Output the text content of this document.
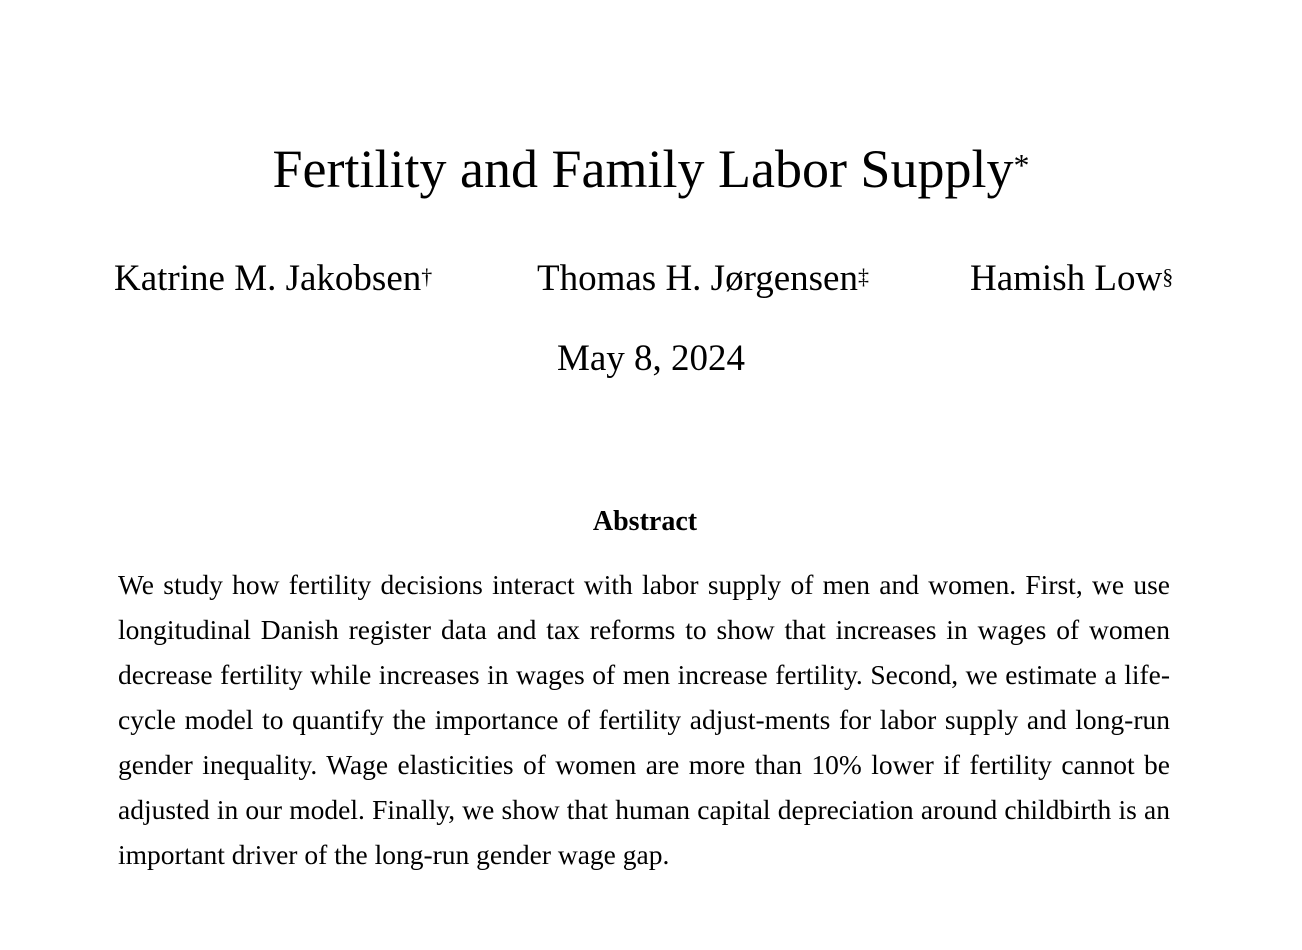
Fertility and Family Labor Supply*
Katrine M. Jakobsen†	Thomas H. Jørgensen‡	Hamish Low§
May 8, 2024
Abstract

We study how fertility decisions interact with labor supply of men and women. First, we use longitudinal Danish register data and tax reforms to show that increases in wages of women decrease fertility while increases in wages of men increase fertility. Second, we estimate a life-cycle model to quantify the importance of fertility adjust-ments for labor supply and long-run gender inequality. Wage elasticities of women are more than 10% lower if fertility cannot be adjusted in our model. Finally, we show that human capital depreciation around childbirth is an important driver of the long-run gender wage gap.
